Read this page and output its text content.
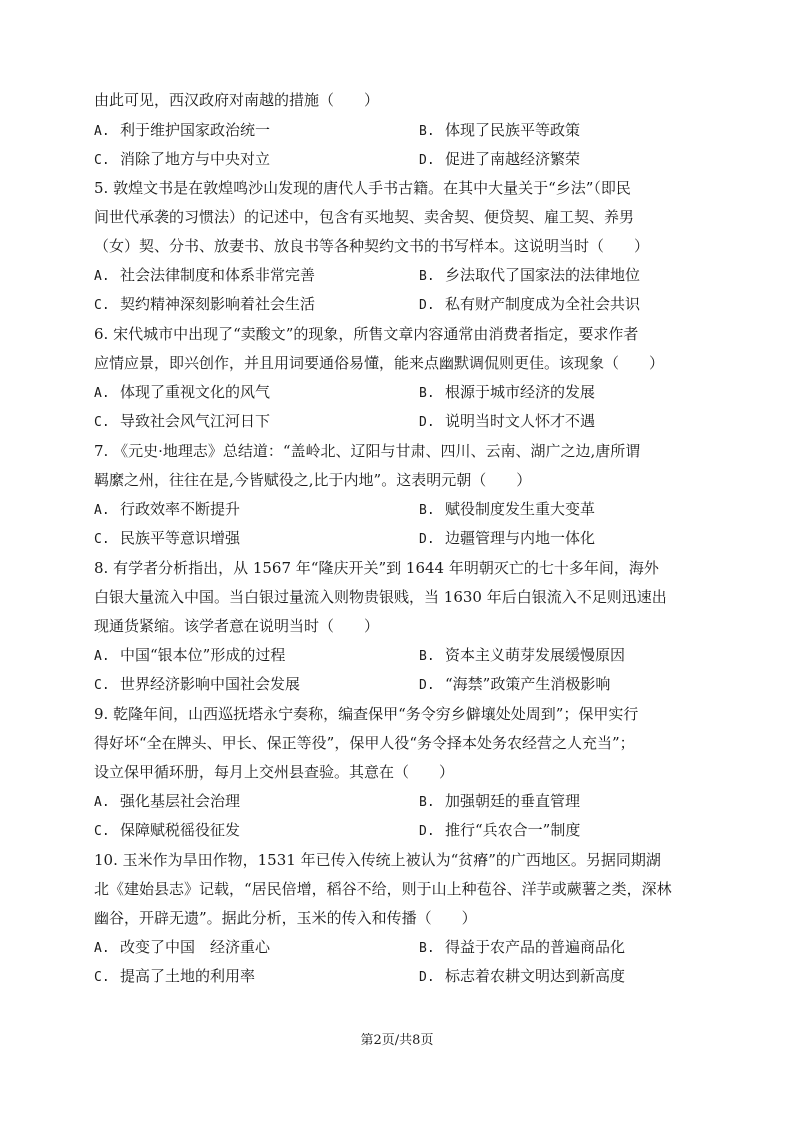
由此可见，西汉政府对南越的措施（　　）
A. 利于维护国家政治统一	B. 体现了民族平等政策
C. 消除了地方与中央对立	D. 促进了南越经济繁荣
5. 敦煌文书是在敦煌鸣沙山发现的唐代人手书古籍。在其中大量关于“乡法”（即民
间世代承袭的习惯法）的记述中，包含有买地契、卖舍契、便贷契、雇工契、养男
（女）契、分书、放妻书、放良书等各种契约文书的书写样本。这说明当时（　　）
A. 社会法律制度和体系非常完善	B. 乡法取代了国家法的法律地位
C. 契约精神深刻影响着社会生活	D. 私有财产制度成为全社会共识
6. 宋代城市中出现了“卖酸文”的现象，所售文章内容通常由消费者指定，要求作者
应情应景，即兴创作，并且用词要通俗易懂，能来点幽默调侃则更佳。该现象（　　）
A. 体现了重视文化的风气	B. 根源于城市经济的发展
C. 导致社会风气江河日下	D. 说明当时文人怀才不遇
7. 《元史·地理志》总结道：“盖岭北、辽阳与甘肃、四川、云南、湖广之边,唐所谓
羁縻之州，往往在是,今皆赋役之,比于内地”。这表明元朝（　　）
A. 行政效率不断提升	B. 赋役制度发生重大变革
C. 民族平等意识增强	D. 边疆管理与内地一体化
8. 有学者分析指出，从 1567 年“隆庆开关”到 1644 年明朝灭亡的七十多年间，海外
白银大量流入中国。当白银过量流入则物贵银贱，当 1630 年后白银流入不足则迅速出
现通货紧缩。该学者意在说明当时（　　）
A. 中国“银本位”形成的过程	B. 资本主义萌芽发展缓慢原因
C. 世界经济影响中国社会发展	D. “海禁”政策产生消极影响
9. 乾隆年间，山西巡抚塔永宁奏称，编查保甲“务令穷乡僻壤处处周到”；保甲实行
得好坏“全在牌头、甲长、保正等役”，保甲人役“务令择本处务农经营之人充当”；
设立保甲循环册，每月上交州县查验。其意在（　　）
A. 强化基层社会治理	B. 加强朝廷的垂直管理
C. 保障赋税徭役征发	D. 推行“兵农合一”制度
10. 玉米作为旱田作物，1531 年已传入传统上被认为“贫瘠”的广西地区。另据同期湖
北《建始县志》记载，“居民倍增，稻谷不给，则于山上种苞谷、洋芋或蕨薯之类，深林
幽谷，开辟无遗”。据此分析，玉米的传入和传播（　　）
A. 改变了中国　经济重心	B. 得益于农产品的普遍商品化
C. 提高了土地的利用率	D. 标志着农耕文明达到新高度
第2页/共8页
